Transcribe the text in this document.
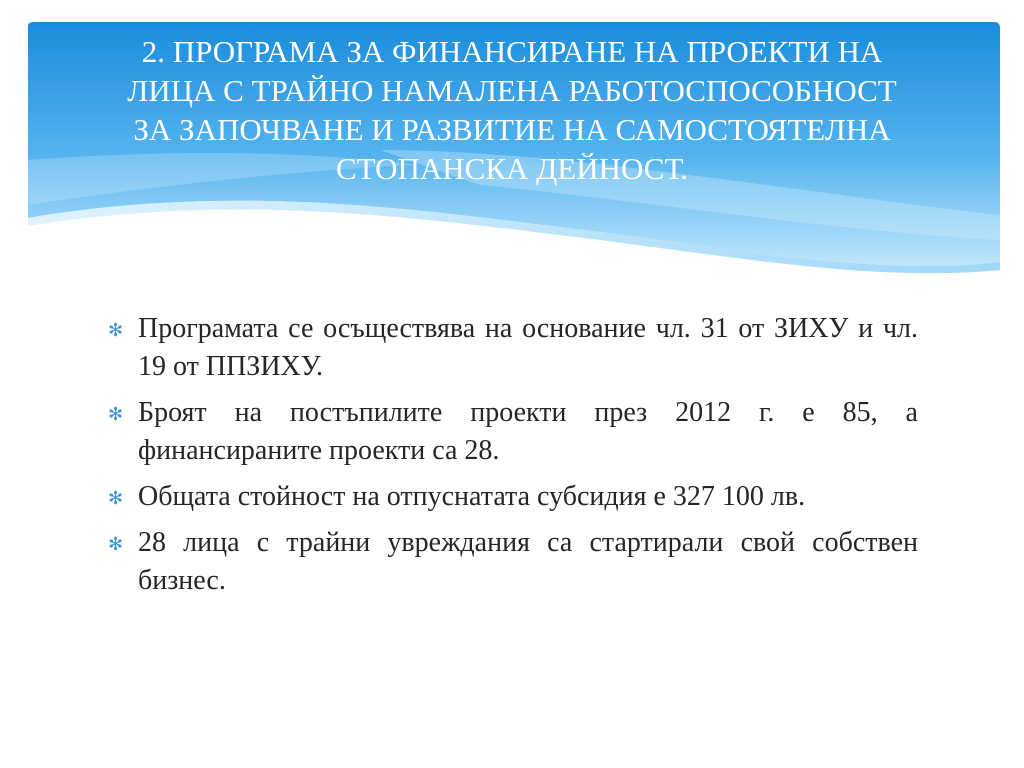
2. ПРОГРАМА ЗА ФИНАНСИРАНЕ НА ПРОЕКТИ НА
ЛИЦА С ТРАЙНО НАМАЛЕНА РАБОТОСПОСОБНОСТ
ЗА ЗАПОЧВАНЕ И РАЗВИТИЕ НА САМОСТОЯТЕЛНА
СТОПАНСКА ДЕЙНОСТ.
✻ Програмата се осъществява на основание чл. 31 от ЗИХУ и чл. 19 от ППЗИХУ.
✻ Броят на постъпилите проекти през 2012 г. е 85, а финансираните проекти са 28.
✻ Общата стойност на отпуснатата субсидия е 327 100 лв.
✻ 28 лица с трайни увреждания са стартирали свой собствен бизнес.
